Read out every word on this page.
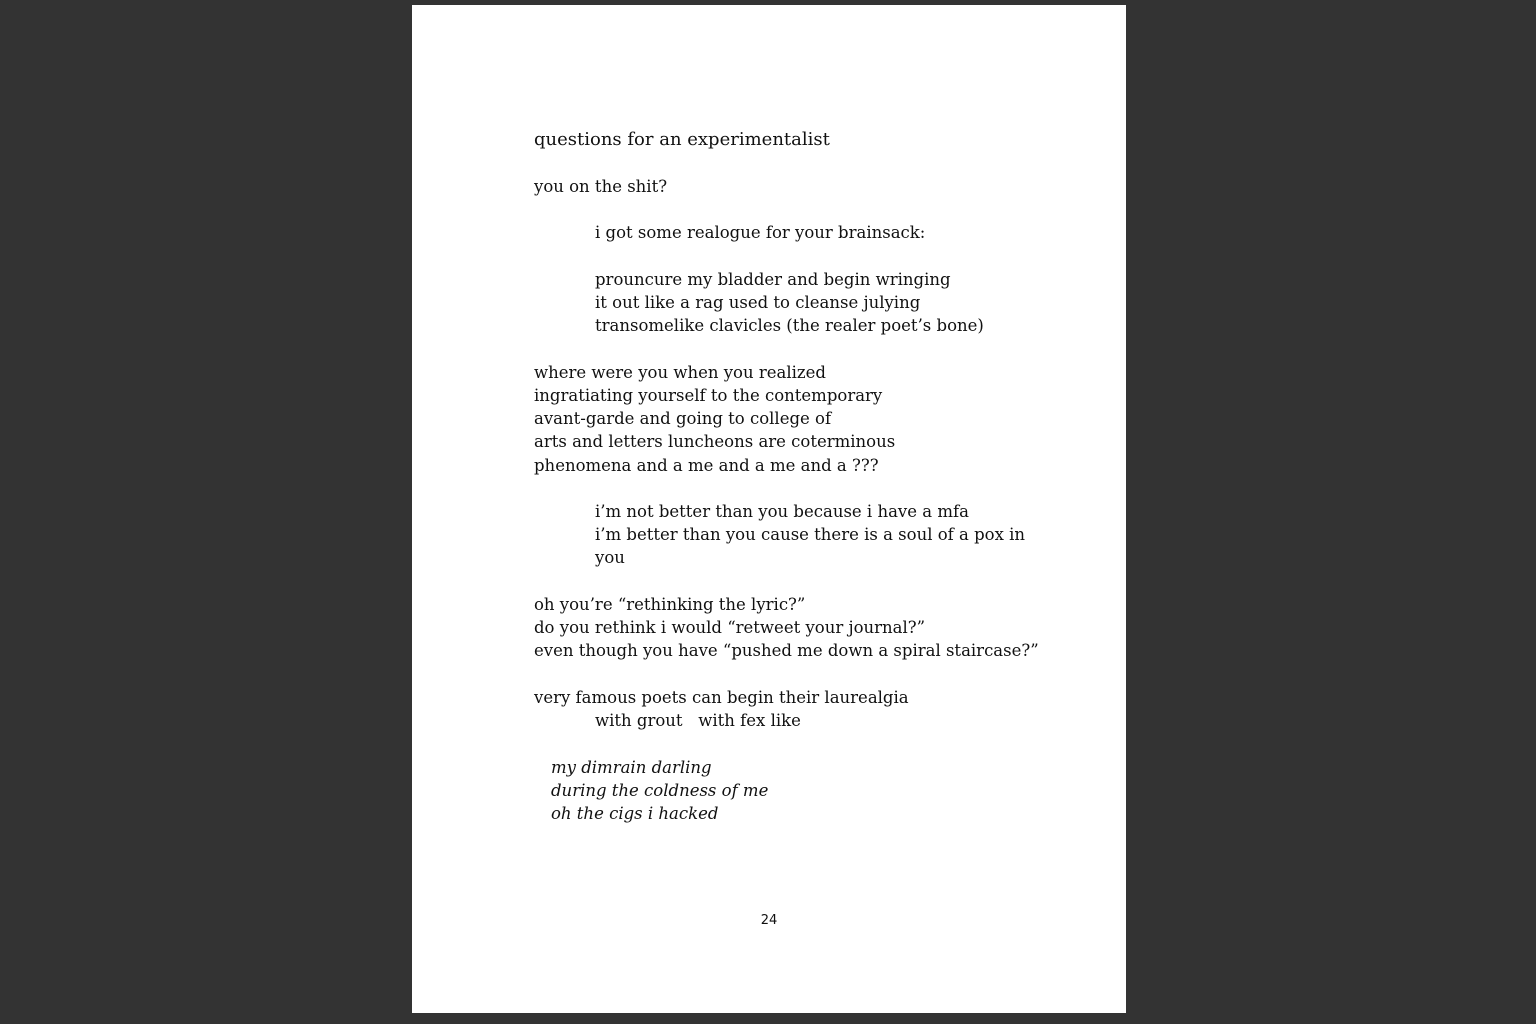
questions for an experimentalist
you on the shit?
i got some realogue for your brainsack:
prouncure my bladder and begin wringing
it out like a rag used to cleanse julying
transomelike clavicles (the realer poet’s bone)
where were you when you realized
ingratiating yourself to the contemporary
avant-garde and going to college of
arts and letters luncheons are coterminous
phenomena and a me and a me and a ???
i’m not better than you because i have a mfa
i’m better than you cause there is a soul of a pox in
you
oh you’re “rethinking the lyric?”
do you rethink i would “retweet your journal?”
even though you have “pushed me down a spiral staircase?”
very famous poets can begin their laurealgia
with grout   with fex like
my dimrain darling
during the coldness of me
oh the cigs i hacked
24
